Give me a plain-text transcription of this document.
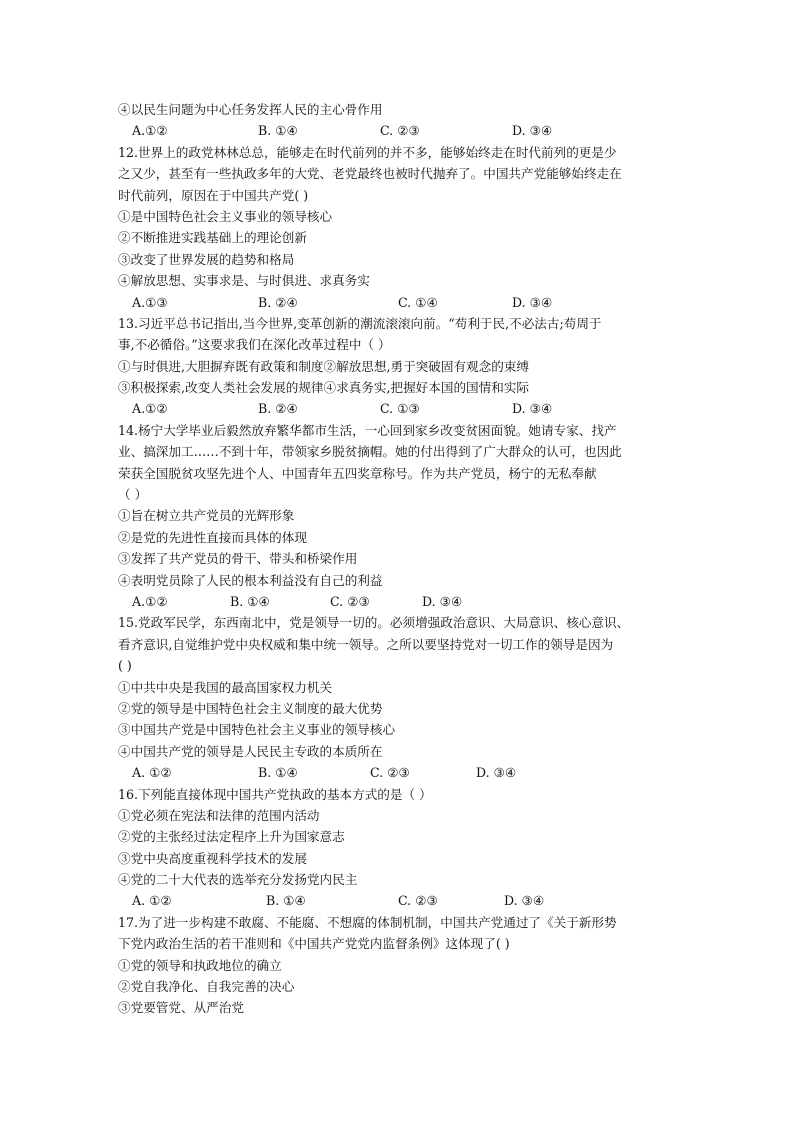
④以民生问题为中心任务发挥人民的主心骨作用
A.①②	B. ①④	C. ②③	D. ③④
12.世界上的政党林林总总，能够走在时代前列的并不多，能够始终走在时代前列的更是少
之又少，甚至有一些执政多年的大党、老党最终也被时代抛弃了。中国共产党能够始终走在
时代前列，原因在于中国共产党( )
①是中国特色社会主义事业的领导核心
②不断推进实践基础上的理论创新
③改变了世界发展的趋势和格局
④解放思想、实事求是、与时俱进、求真务实
A.①③	B. ②④	C. ①④	D. ③④
13.习近平总书记指出,当今世界,变革创新的潮流滚滚向前。“苟利于民,不必法古;苟周于
事,不必循俗。”这要求我们在深化改革过程中（ ）
①与时俱进,大胆摒弃既有政策和制度②解放思想,勇于突破固有观念的束缚
③积极探索,改变人类社会发展的规律④求真务实,把握好本国的国情和实际
A.①②	B. ②④	C. ①③	D. ③④
14.杨宁大学毕业后毅然放弃繁华都市生活，一心回到家乡改变贫困面貌。她请专家、找产
业、搞深加工……不到十年，带领家乡脱贫摘帽。她的付出得到了广大群众的认可，也因此
荣获全国脱贫攻坚先进个人、中国青年五四奖章称号。作为共产党员，杨宁的无私奉献
（ ）
①旨在树立共产党员的光辉形象
②是党的先进性直接而具体的体现
③发挥了共产党员的骨干、带头和桥梁作用
④表明党员除了人民的根本利益没有自己的利益
A.①②	B. ①④	C. ②③	D. ③④
15.党政军民学，东西南北中，党是领导一切的。必须增强政治意识、大局意识、核心意识、
看齐意识,自觉维护党中央权威和集中统一领导。之所以要坚持党对一切工作的领导是因为
( )
①中共中央是我国的最高国家权力机关
②党的领导是中国特色社会主义制度的最大优势
③中国共产党是中国特色社会主义事业的领导核心
④中国共产党的领导是人民民主专政的本质所在
A. ①②	B. ①④	C. ②③	D. ③④
16.下列能直接体现中国共产党执政的基本方式的是（ ）
①党必须在宪法和法律的范围内活动
②党的主张经过法定程序上升为国家意志
③党中央高度重视科学技术的发展
④党的二十大代表的选举充分发扬党内民主
A. ①②	B. ①④	C. ②③	D. ③④
17.为了进一步构建不敢腐、不能腐、不想腐的体制机制，中国共产党通过了《关于新形势
下党内政治生活的若干准则和《中国共产党党内监督条例》这体现了( )
①党的领导和执政地位的确立
②党自我净化、自我完善的决心
③党要管党、从严治党
